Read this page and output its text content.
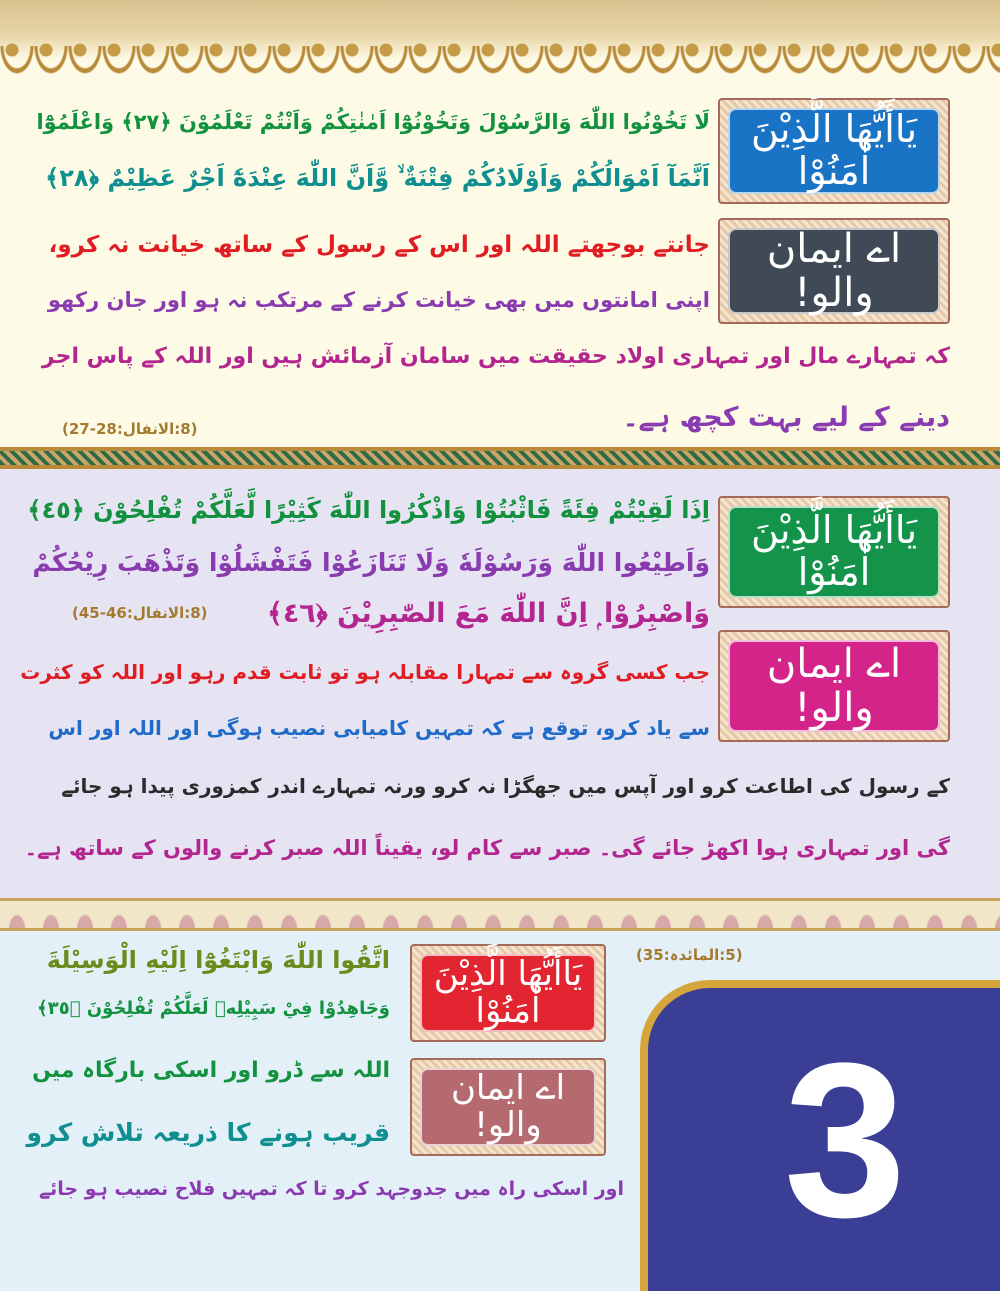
يَاأَيُّهَا الَّذِيْنَ اٰمَنُوْا
اے ایمان والو!
لَا تَخُوْنُوا اللّٰهَ وَالرَّسُوْلَ وَتَخُوْنُوْٓا اَمٰنٰتِكُمْ وَاَنْتُمْ تَعْلَمُوْنَ ﴿٢٧﴾ وَاعْلَمُوْٓا
اَنَّمَآ اَمْوَالُكُمْ وَاَوْلَادُكُمْ فِتْنَةٌ ۙ وَّاَنَّ اللّٰهَ عِنْدَهٗٓ اَجْرٌ عَظِيْمٌ ﴿٢٨﴾
جانتے بوجھتے اللہ اور اس کے رسول کے ساتھ خیانت نہ کرو،
اپنی امانتوں میں بھی خیانت کرنے کے مرتکب نہ ہو اور جان رکھو
کہ تمہارے مال اور تمہاری اولاد حقیقت میں سامان آزمائش ہیں اور اللہ کے پاس اجر
دینے کے لیے بہت کچھ ہے۔
(8:الانفال:28-27)
يَاأَيُّهَا الَّذِيْنَ اٰمَنُوْا
اے ایمان والو!
اِذَا لَقِيْتُمْ فِئَةً فَاثْبُتُوْا وَاذْكُرُوا اللّٰهَ كَثِيْرًا لَّعَلَّكُمْ تُفْلِحُوْنَ ﴿٤٥﴾
وَاَطِيْعُوا اللّٰهَ وَرَسُوْلَهٗ وَلَا تَنَازَعُوْا فَتَفْشَلُوْا وَتَذْهَبَ رِيْحُكُمْ
وَاصْبِرُوْا ۭ اِنَّ اللّٰهَ مَعَ الصّٰبِرِيْنَ ﴿٤٦﴾
(8:الانفال:46-45)
جب کسی گروہ سے تمہارا مقابلہ ہو تو ثابت قدم رہو اور اللہ کو کثرت
سے یاد کرو، توقع ہے کہ تمہیں کامیابی نصیب ہوگی اور اللہ اور اس
کے رسول کی اطاعت کرو اور آپس میں جھگڑا نہ کرو ورنہ تمہارے اندر کمزوری پیدا ہو جائے
گی اور تمہاری ہوا اکھڑ جائے گی۔ صبر سے کام لو، یقیناً اللہ صبر کرنے والوں کے ساتھ ہے۔
(5:المائدہ:35)
يَاأَيُّهَا الَّذِيْنَ اٰمَنُوْا
اے ایمان والو!
اتَّقُوا اللّٰهَ وَابْتَغُوْٓا اِلَيْهِ الْوَسِيْلَةَ
وَجَاهِدُوْا فِيْ سَبِيْلِهٖ لَعَلَّكُمْ تُفْلِحُوْنَ ﴿٣٥﴾
اللہ سے ڈرو اور اسکی بارگاہ میں
قریب ہونے کا ذریعہ تلاش کرو
اور اسکی راہ میں جدوجہد کرو تا کہ تمہیں فلاح نصیب ہو جائے 3
